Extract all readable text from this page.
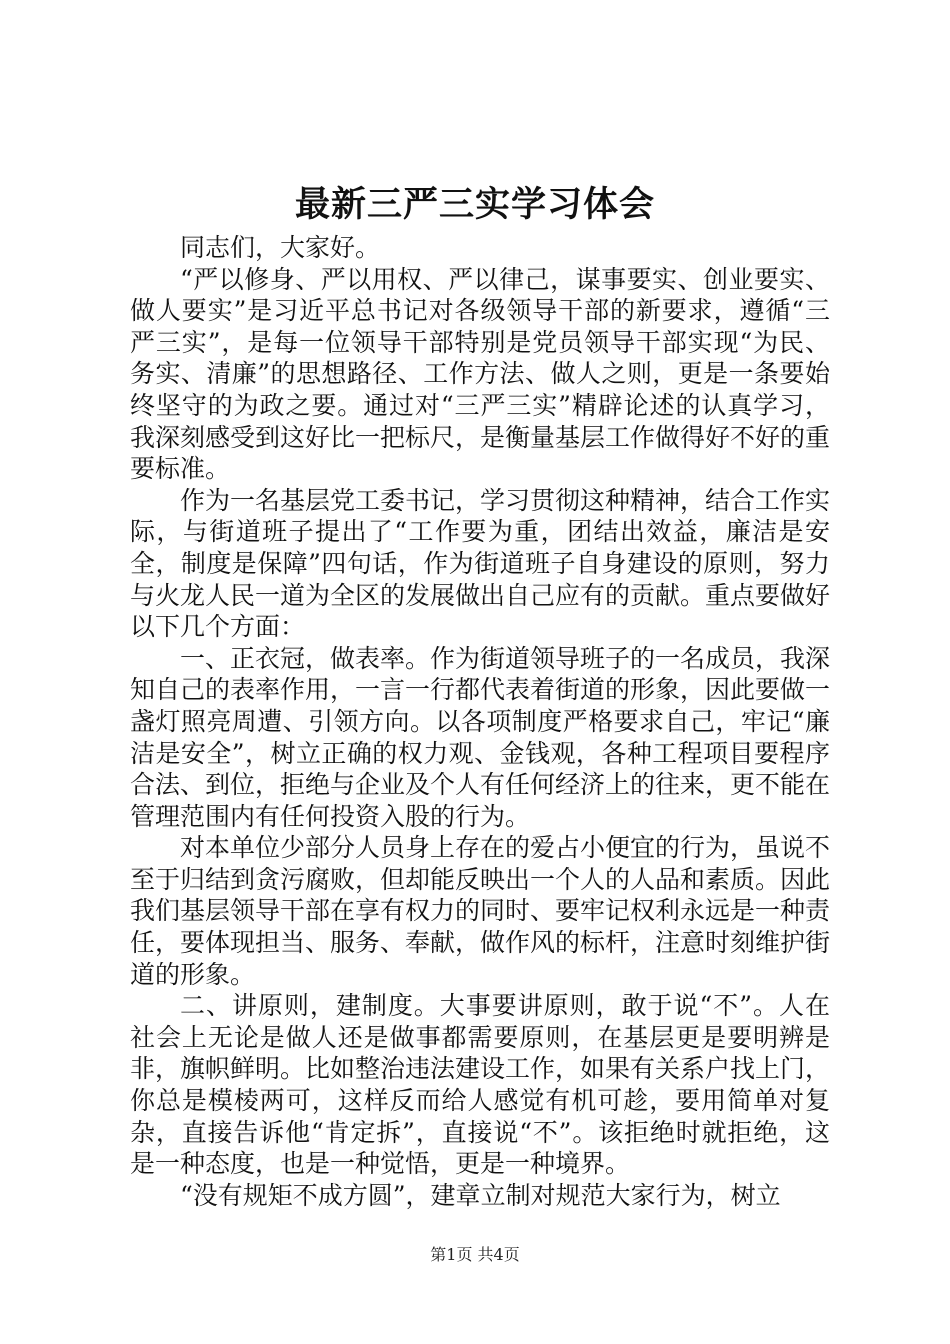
最新三严三实学习体会

同志们，大家好。

“严以修身、严以用权、严以律己，谋事要实、创业要实、做人要实”是习近平总书记对各级领导干部的新要求，遵循“三严三实”，是每一位领导干部特别是党员领导干部实现“为民、务实、清廉”的思想路径、工作方法、做人之则，更是一条要始终坚守的为政之要。通过对“三严三实”精辟论述的认真学习，我深刻感受到这好比一把标尺，是衡量基层工作做得好不好的重要标准。

作为一名基层党工委书记，学习贯彻这种精神，结合工作实际，与街道班子提出了“工作要为重，团结出效益，廉洁是安全，制度是保障”四句话，作为街道班子自身建设的原则，努力与火龙人民一道为全区的发展做出自己应有的贡献。重点要做好以下几个方面：

一、正衣冠，做表率。作为街道领导班子的一名成员，我深知自己的表率作用，一言一行都代表着街道的形象，因此要做一盏灯照亮周遭、引领方向。以各项制度严格要求自己，牢记“廉洁是安全”，树立正确的权力观、金钱观，各种工程项目要程序合法、到位，拒绝与企业及个人有任何经济上的往来，更不能在管理范围内有任何投资入股的行为。

对本单位少部分人员身上存在的爱占小便宜的行为，虽说不至于归结到贪污腐败，但却能反映出一个人的人品和素质。因此我们基层领导干部在享有权力的同时、要牢记权利永远是一种责任，要体现担当、服务、奉献，做作风的标杆，注意时刻维护街道的形象。

二、讲原则，建制度。大事要讲原则，敢于说“不”。人在社会上无论是做人还是做事都需要原则，在基层更是要明辨是非，旗帜鲜明。比如整治违法建设工作，如果有关系户找上门，你总是模棱两可，这样反而给人感觉有机可趁，要用简单对复杂，直接告诉他“肯定拆”，直接说“不”。该拒绝时就拒绝，这是一种态度，也是一种觉悟，更是一种境界。

“没有规矩不成方圆”，建章立制对规范大家行为，树立

第1页 共4页
